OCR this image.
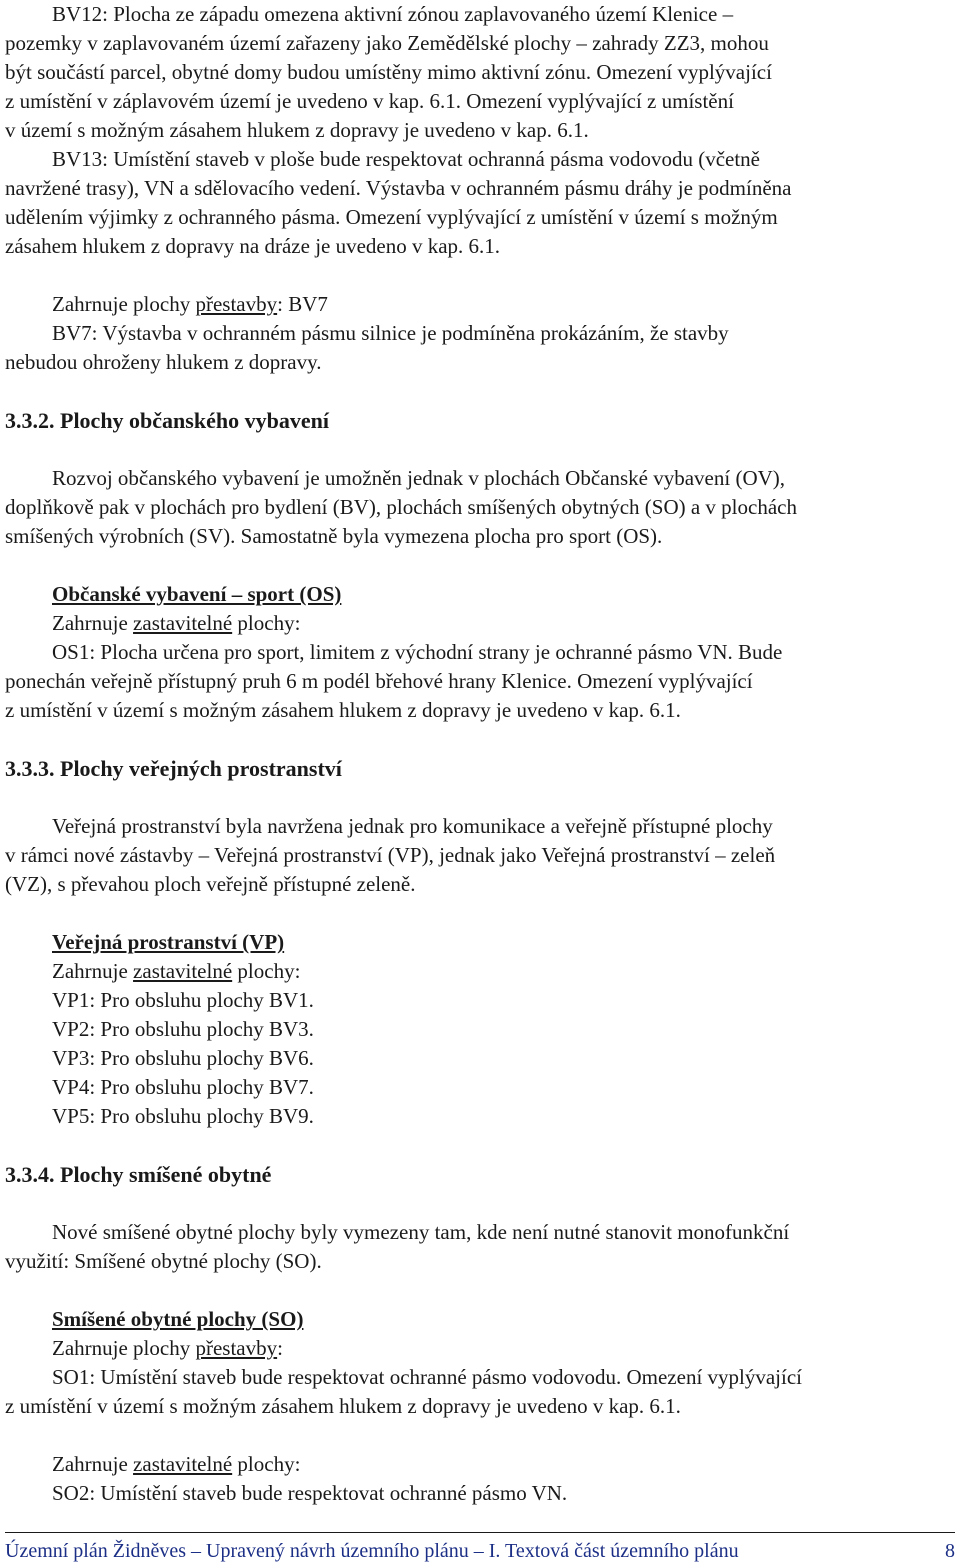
BV12: Plocha ze západu omezena aktivní zónou zaplavovaného území Klenice –

pozemky v zaplavovaném území zařazeny jako Zemědělské plochy – zahrady ZZ3, mohou

být součástí parcel, obytné domy budou umístěny mimo aktivní zónu. Omezení vyplývající

z umístění v záplavovém území je uvedeno v kap. 6.1. Omezení vyplývající z umístění

v území s možným zásahem hlukem z dopravy je uvedeno v kap. 6.1.

BV13: Umístění staveb v ploše bude respektovat ochranná pásma vodovodu (včetně

navržené trasy), VN a sdělovacího vedení. Výstavba v ochranném pásmu dráhy je podmíněna

udělením výjimky z ochranného pásma. Omezení vyplývající z umístění v území s možným

zásahem hlukem z dopravy na dráze je uvedeno v kap. 6.1.

Zahrnuje plochy přestavby: BV7

BV7: Výstavba v ochranném pásmu silnice je podmíněna prokázáním, že stavby

nebudou ohroženy hlukem z dopravy.

3.3.2. Plochy občanského vybavení

Rozvoj občanského vybavení je umožněn jednak v plochách Občanské vybavení (OV),

doplňkově pak v plochách pro bydlení (BV), plochách smíšených obytných (SO) a v plochách

smíšených výrobních (SV). Samostatně byla vymezena plocha pro sport (OS).

Občanské vybavení – sport (OS)

Zahrnuje zastavitelné plochy:

OS1: Plocha určena pro sport, limitem z východní strany je ochranné pásmo VN. Bude

ponechán veřejně přístupný pruh 6 m podél břehové hrany Klenice. Omezení vyplývající

z umístění v území s možným zásahem hlukem z dopravy je uvedeno v kap. 6.1.

3.3.3. Plochy veřejných prostranství

Veřejná prostranství byla navržena jednak pro komunikace a veřejně přístupné plochy

v rámci nové zástavby – Veřejná prostranství (VP), jednak jako Veřejná prostranství – zeleň

(VZ), s převahou ploch veřejně přístupné zeleně.

Veřejná prostranství (VP)

Zahrnuje zastavitelné plochy:

VP1: Pro obsluhu plochy BV1.

VP2: Pro obsluhu plochy BV3.

VP3: Pro obsluhu plochy BV6.

VP4: Pro obsluhu plochy BV7.

VP5: Pro obsluhu plochy BV9.

3.3.4. Plochy smíšené obytné

Nové smíšené obytné plochy byly vymezeny tam, kde není nutné stanovit monofunkční

využití: Smíšené obytné plochy (SO).

Smíšené obytné plochy (SO)

Zahrnuje plochy přestavby:

SO1: Umístění staveb bude respektovat ochranné pásmo vodovodu. Omezení vyplývající

z umístění v území s možným zásahem hlukem z dopravy je uvedeno v kap. 6.1.

Zahrnuje zastavitelné plochy:

SO2: Umístění staveb bude respektovat ochranné pásmo VN.

Územní plán Židněves – Upravený návrh územního plánu – I. Textová část územního plánu	8
